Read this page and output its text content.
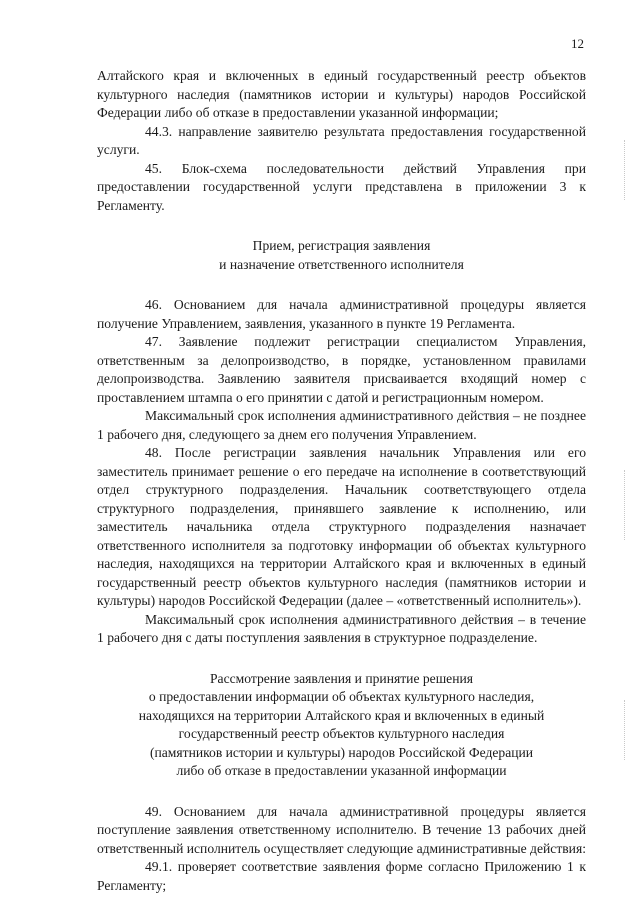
12

Алтайского края и включенных в единый государственный реестр объектов культурного наследия (памятников истории и культуры) народов Российской Федерации либо об отказе в предоставлении указанной информации;

44.3. направление заявителю результата предоставления государственной услуги.

45. Блок-схема последовательности действий Управления при предоставлении государственной услуги представлена в приложении 3 к Регламенту.

Прием, регистрация заявления

и назначение ответственного исполнителя

46. Основанием для начала административной процедуры является получение Управлением, заявления, указанного в пункте 19 Регламента.

47. Заявление подлежит регистрации специалистом Управления, ответственным за делопроизводство, в порядке, установленном правилами делопроизводства. Заявлению заявителя присваивается входящий номер с проставлением штампа о его принятии с датой и регистрационным номером.

Максимальный срок исполнения административного действия – не позднее 1 рабочего дня, следующего за днем его получения Управлением.

48. После регистрации заявления начальник Управления или его заместитель принимает решение о его передаче на исполнение в соответствующий отдел структурного подразделения. Начальник соответствующего отдела структурного подразделения, принявшего заявление к исполнению, или заместитель начальника отдела структурного подразделения назначает ответственного исполнителя за подготовку информации об объектах культурного наследия, находящихся на территории Алтайского края и включенных в единый государственный реестр объектов культурного наследия (памятников истории и культуры) народов Российской Федерации (далее – «ответственный исполнитель»).

Максимальный срок исполнения административного действия – в течение 1 рабочего дня с даты поступления заявления в структурное подразделение.

Рассмотрение заявления и принятие решения

о предоставлении информации об объектах культурного наследия,

находящихся на территории Алтайского края и включенных в единый

государственный реестр объектов культурного наследия

(памятников истории и культуры) народов Российской Федерации

либо об отказе в предоставлении указанной информации

49. Основанием для начала административной процедуры является поступление заявления ответственному исполнителю. В течение 13 рабочих дней ответственный исполнитель осуществляет следующие административные действия:

49.1. проверяет соответствие заявления форме согласно Приложению 1 к Регламенту;
